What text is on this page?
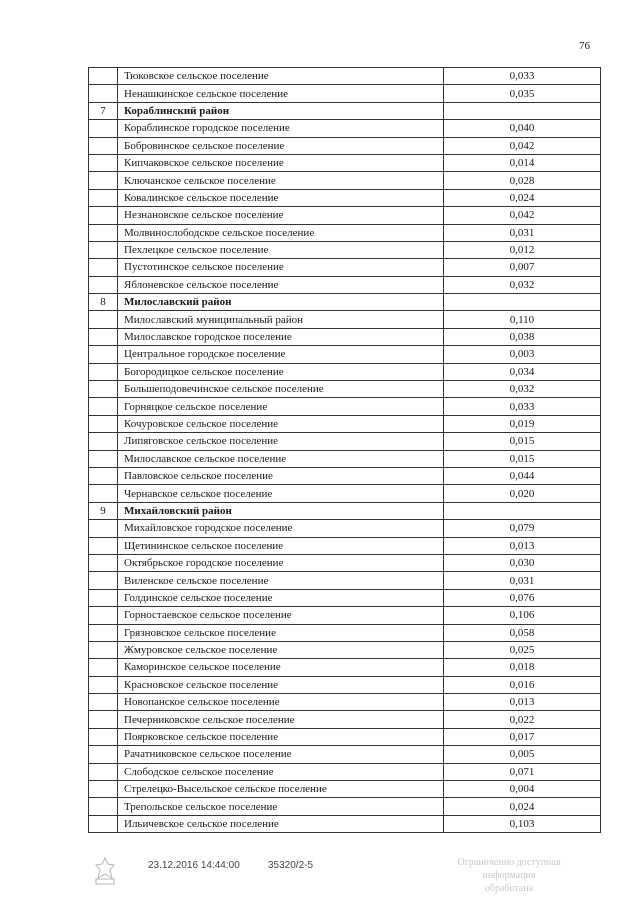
76
	Тюковское сельское поселение	0,033
	Ненашкинское сельское поселение	0,035
7	Кораблинский район	
	Кораблинское городское поселение	0,040
	Бобровинское сельское поселение	0,042
	Кипчаковское сельское поселение	0,014
	Ключанское сельское поселение	0,028
	Ковалинское сельское поселение	0,024
	Незнановское сельское поселение	0,042
	Молвинослободское сельское поселение	0,031
	Пехлецкое сельское поселение	0,012
	Пустотинское сельское поселение	0,007
	Яблоневское сельское поселение	0,032
8	Милославский район	
	Милославский муниципальный район	0,110
	Милославское городское поселение	0,038
	Центральное городское поселение	0,003
	Богородицкое сельское поселение	0,034
	Большеподовечинское сельское поселение	0,032
	Горняцкое сельское поселение	0,033
	Кочуровское сельское поселение	0,019
	Липяговское сельское поселение	0,015
	Милославское сельское поселение	0,015
	Павловское сельское поселение	0,044
	Чернавское сельское поселение	0,020
9	Михайловский район	
	Михайловское городское поселение	0,079
	Щетининское сельское поселение	0,013
	Октябрьское городское поселение	0,030
	Виленское сельское поселение	0,031
	Голдинское сельское поселение	0,076
	Горностаевское сельское поселение	0,106
	Грязновское сельское поселение	0,058
	Жмуровское сельское поселение	0,025
	Каморинское сельское поселение	0,018
	Красновское сельское поселение	0,016
	Новопанское сельское поселение	0,013
	Печерниковское сельское поселение	0,022
	Поярковское сельское поселение	0,017
	Рачатниковское сельское поселение	0,005
	Слободское сельское поселение	0,071
	Стрелецко-Высельское сельское поселение	0,004
	Трепольское сельское поселение	0,024
	Ильичевское сельское поселение	0,103
23.12.2016 14:44:00	35320/2-5	Ограниченно доступная информация
обработана
